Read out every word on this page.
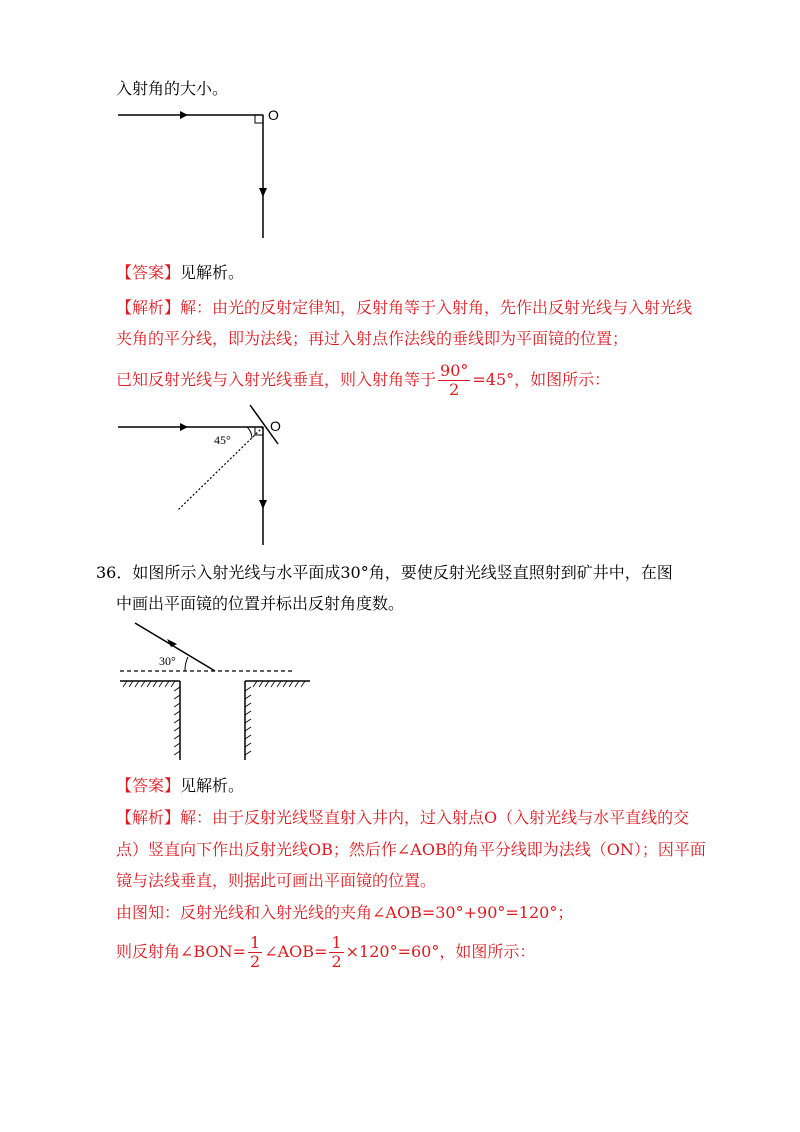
入射角的大小。
O
【答案】见解析。
【解析】解：由光的反射定律知，反射角等于入射角，先作出反射光线与入射光线
夹角的平分线，即为法线；再过入射点作法线的垂线即为平面镜的位置；
已知反射光线与入射光线垂直，则入射角等于 $\frac{90^\circ}{2} =45^\circ$，如图所示：
45°
O
36．如图所示入射光线与水平面成30°角，要使反射光线竖直照射到矿井中，在图
中画出平面镜的位置并标出反射角度数。
30°
【答案】见解析。
【解析】解：由于反射光线竖直射入井内，过入射点O（入射光线与水平直线的交
点）竖直向下作出反射光线OB；然后作∠AOB的角平分线即为法线（ON）；因平面
镜与法线垂直，则据此可画出平面镜的位置。
由图知：反射光线和入射光线的夹角∠AOB=30°+90°=120°；
则反射角∠BON= $\frac{1}{2}$ ∠AOB= $\frac{1}{2} \times 120^\circ=60^\circ$，如图所示：
